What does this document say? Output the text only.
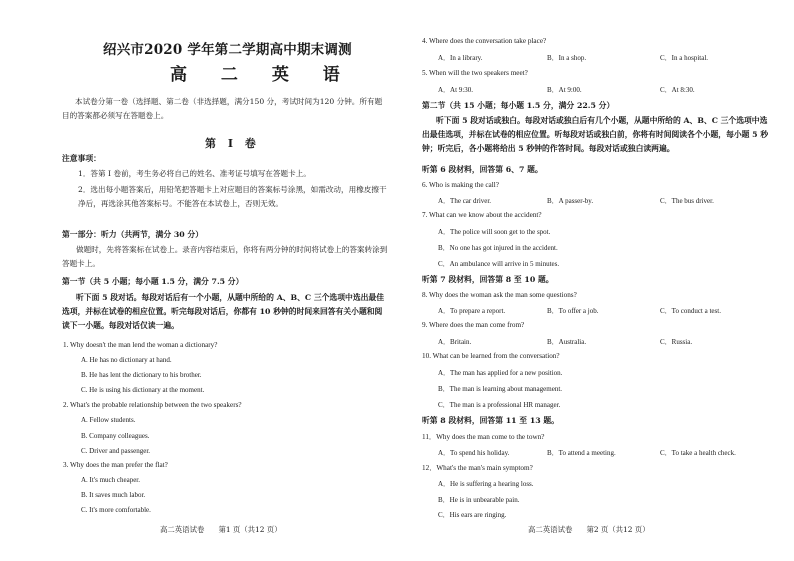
绍兴市2020 学年第二学期高中期末调测
高 二 英 语
本试卷分第一卷（选择题、第二卷（非选择题，满分150 分，考试时间为120 分钟。所有题目的答案都必须写在答题卷上。
第 I 卷
注意事项：
1．答第 I 卷前，考生务必将自己的姓名、准考证号填写在答题卡上。
2．选出每小题答案后，用铅笔把答题卡上对应题目的答案标号涂黑，如需改动，用橡皮擦干净后，再选涂其他答案标号。不能答在本试卷上，否则无效。
第一部分：听力（共两节，满分 30 分）
做题时，先将答案标在试卷上。录音内容结束后，你将有两分钟的时间将试卷上的答案转涂到答题卡上。
第一节（共 5 小题；每小题 1.5 分，满分 7.5 分）
听下面 5 段对话。每段对话后有一个小题，从题中所给的 A、B、C 三个选项中选出最佳选项，并标在试卷的相应位置。听完每段对话后，你都有 10 秒钟的时间来回答有关小题和阅读下一小题。每段对话仅读一遍。
1. Why doesn't the man lend the woman a dictionary?
A. He has no dictionary at hand.
B. He has lent the dictionary to his brother.
C. He is using his dictionary at the moment.
2. What's the probable relationship between the two speakers?
A. Fellow students.
B. Company colleagues.
C. Driver and passenger.
3. Why does the man prefer the flat?
A. It's much cheaper.
B. It saves much labor.
C. It's more comfortable.
高二英语试卷      第1 页（共12 页）
4. Where does the conversation take place?
A．In a library.	B．In a shop.	C．In a hospital.
5. When will the two speakers meet?
A．At 9:30.	B．At 9:00.	C．At 8:30.
第二节（共 15 小题；每小题 1.5 分，满分 22.5 分）
听下面 5 段对话或独白。每段对话或独白后有几个小题，从题中所给的 A、B、C 三个选项中选出最佳选项，并标在试卷的相应位置。听每段对话或独白前，你将有时间阅读各个小题，每小题 5 秒钟；听完后，各小题将给出 5 秒钟的作答时间。每段对话或独白读两遍。
听第 6 段材料，回答第 6、7 题。
6. Who is making the call?
A．The car driver.	B．A passer-by.	C．The bus driver.
7. What can we know about the accident?
A．The police will soon get to the spot.
B．No one has got injured in the accident.
C．An ambulance will arrive in 5 minutes.
听第 7 段材料，回答第 8 至 10 题。
8. Why does the woman ask the man some questions?
A．To prepare a report.	B．To offer a job.	C．To conduct a test.
9. Where does the man come from?
A．Britain.	B．Australia.	C．Russia.
10. What can be learned from the conversation?
A．The man has applied for a new position.
B．The man is learning about management.
C．The man is a professional HR manager.
听第 8 段材料，回答第 11 至 13 题。
11．Why does the man come to the town?
A．To spend his holiday.	B．To attend a meeting.	C．To take a health check.
12．What's the man's main symptom?
A．He is suffering a hearing loss.
B．He is in unbearable pain.
C．His ears are ringing.
高二英语试卷      第2 页（共12 页）
